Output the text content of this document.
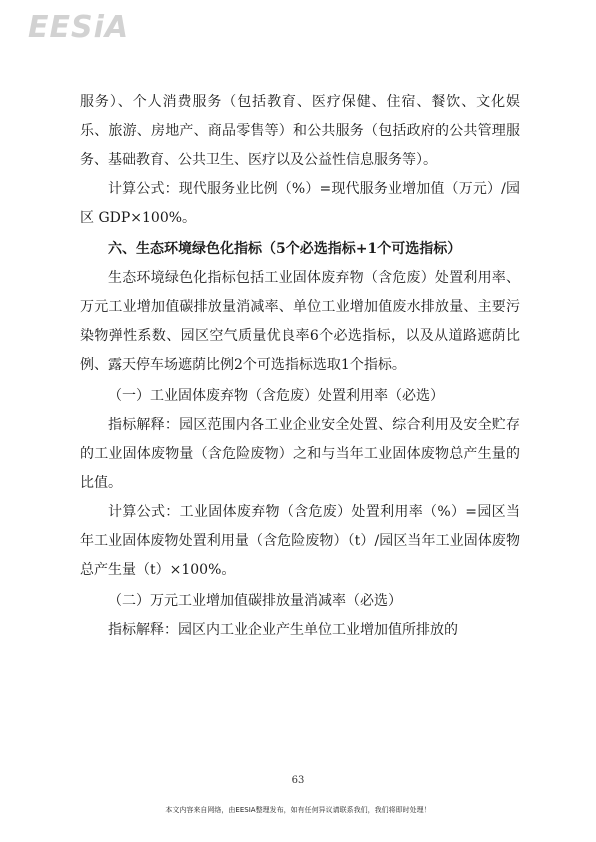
EESiA

服务）、个人消费服务（包括教育、医疗保健、住宿、餐饮、文化娱乐、旅游、房地产、商品零售等）和公共服务（包括政府的公共管理服务、基础教育、公共卫生、医疗以及公益性信息服务等）。

计算公式：现代服务业比例（%）=现代服务业增加值（万元）/园区 GDP×100%。

六、生态环境绿色化指标（5个必选指标+1个可选指标）

生态环境绿色化指标包括工业固体废弃物（含危废）处置利用率、万元工业增加值碳排放量消减率、单位工业增加值废水排放量、主要污染物弹性系数、园区空气质量优良率6个必选指标，以及从道路遮荫比例、露天停车场遮荫比例2个可选指标选取1个指标。

（一）工业固体废弃物（含危废）处置利用率（必选）

指标解释：园区范围内各工业企业安全处置、综合利用及安全贮存的工业固体废物量（含危险废物）之和与当年工业固体废物总产生量的比值。

计算公式：工业固体废弃物（含危废）处置利用率（%）=园区当年工业固体废物处置利用量（含危险废物）（t）/园区当年工业固体废物总产生量（t）×100%。

（二）万元工业增加值碳排放量消减率（必选）

指标解释：园区内工业企业产生单位工业增加值所排放的

63
本文内容来自网络，由EESIA整理发布，如有任何异议请联系我们，我们将即时处理！
